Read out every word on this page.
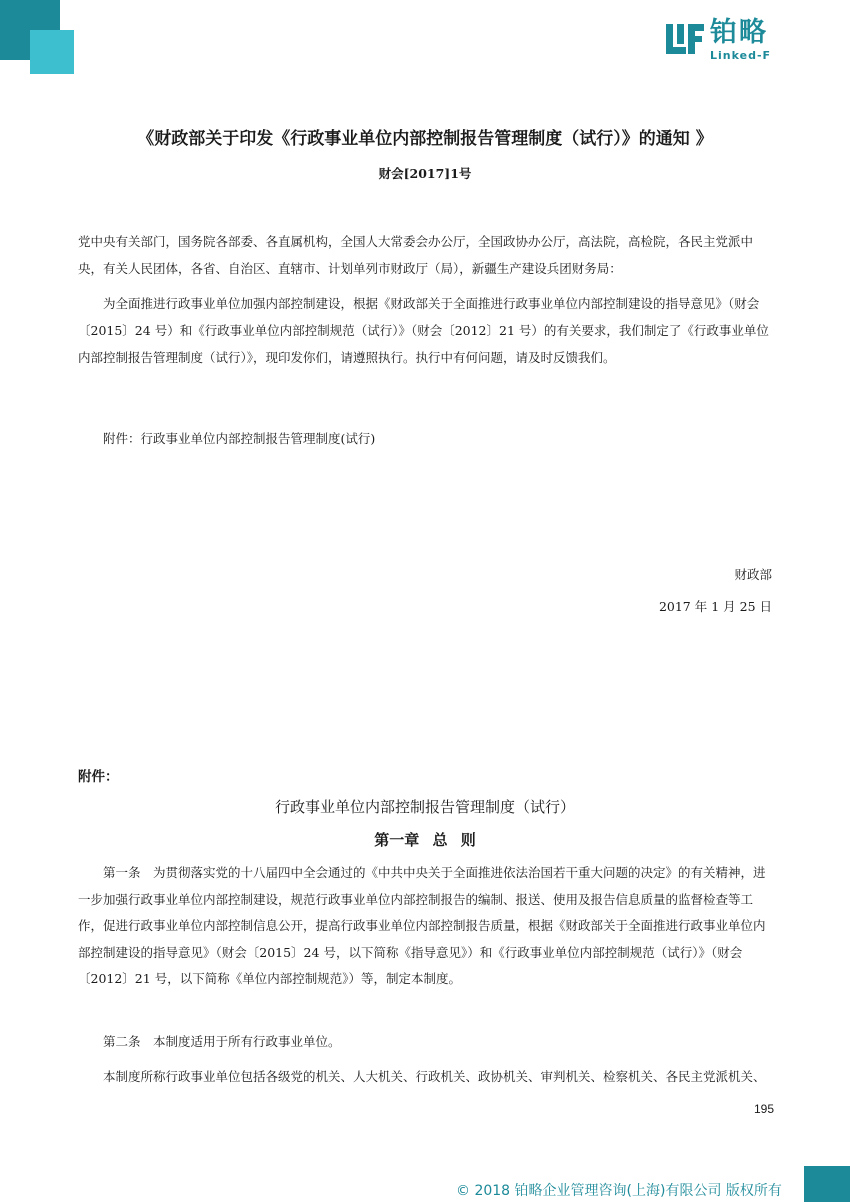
铂略
Linked-F
《财政部关于印发《行政事业单位内部控制报告管理制度（试行）》的通知 》
财会[2017]1号

党中央有关部门，国务院各部委、各直属机构，全国人大常委会办公厅，全国政协办公厅，高法院，高检院，各民主党派中央，有关人民团体，各省、自治区、直辖市、计划单列市财政厅（局），新疆生产建设兵团财务局：

为全面推进行政事业单位加强内部控制建设，根据《财政部关于全面推进行政事业单位内部控制建设的指导意见》（财会〔2015〕24 号）和《行政事业单位内部控制规范（试行）》（财会〔2012〕21 号）的有关要求，我们制定了《行政事业单位内部控制报告管理制度（试行）》，现印发你们，请遵照执行。执行中有何问题，请及时反馈我们。

附件：行政事业单位内部控制报告管理制度(试行)

财政部
2017 年 1 月 25 日
附件：
行政事业单位内部控制报告管理制度（试行）
第一章 总 则

第一条　为贯彻落实党的十八届四中全会通过的《中共中央关于全面推进依法治国若干重大问题的决定》的有关精神，进一步加强行政事业单位内部控制建设，规范行政事业单位内部控制报告的编制、报送、使用及报告信息质量的监督检查等工作，促进行政事业单位内部控制信息公开，提高行政事业单位内部控制报告质量，根据《财政部关于全面推进行政事业单位内部控制建设的指导意见》（财会〔2015〕24 号，以下简称《指导意见》）和《行政事业单位内部控制规范（试行）》（财会〔2012〕21 号，以下简称《单位内部控制规范》）等，制定本制度。

第二条　本制度适用于所有行政事业单位。

本制度所称行政事业单位包括各级党的机关、人大机关、行政机关、政协机关、审判机关、检察机关、各民主党派机关、

195
© 2018 铂略企业管理咨询(上海)有限公司 版权所有
